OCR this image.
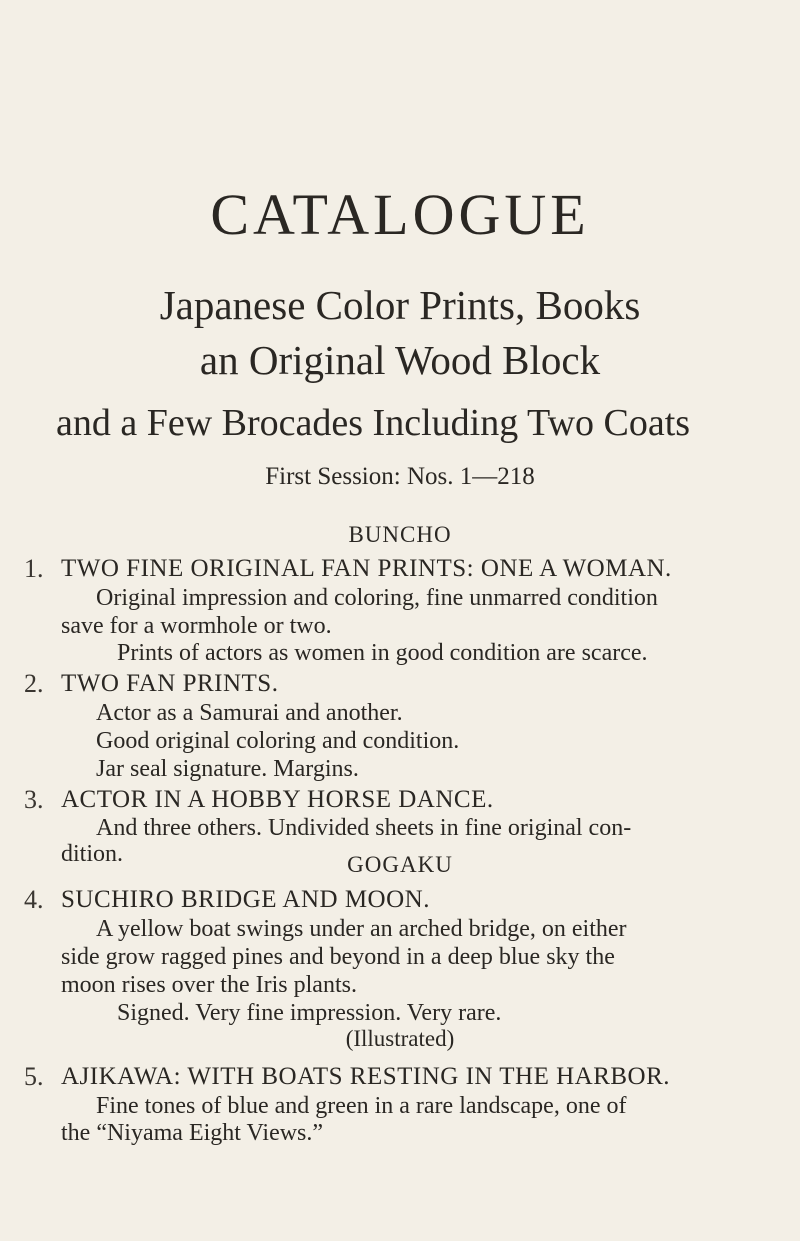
CATALOGUE
Japanese Color Prints, Books
an Original Wood Block
and a Few Brocades Including Two Coats
First Session: Nos. 1—218
BUNCHO
1. TWO FINE ORIGINAL FAN PRINTS: ONE A WOMAN.
Original impression and coloring, fine unmarred condition
save for a wormhole or two.
Prints of actors as women in good condition are scarce.
2. TWO FAN PRINTS.
Actor as a Samurai and another.
Good original coloring and condition.
Jar seal signature. Margins.
3. ACTOR IN A HOBBY HORSE DANCE.
And three others. Undivided sheets in fine original con-
dition.	GOGAKU
4. SUCHIRO BRIDGE AND MOON.
A yellow boat swings under an arched bridge, on either
side grow ragged pines and beyond in a deep blue sky the
moon rises over the Iris plants.
Signed. Very fine impression. Very rare.
(Illustrated)
5. AJIKAWA: WITH BOATS RESTING IN THE HARBOR.
Fine tones of blue and green in a rare landscape, one of
the “Niyama Eight Views.”
